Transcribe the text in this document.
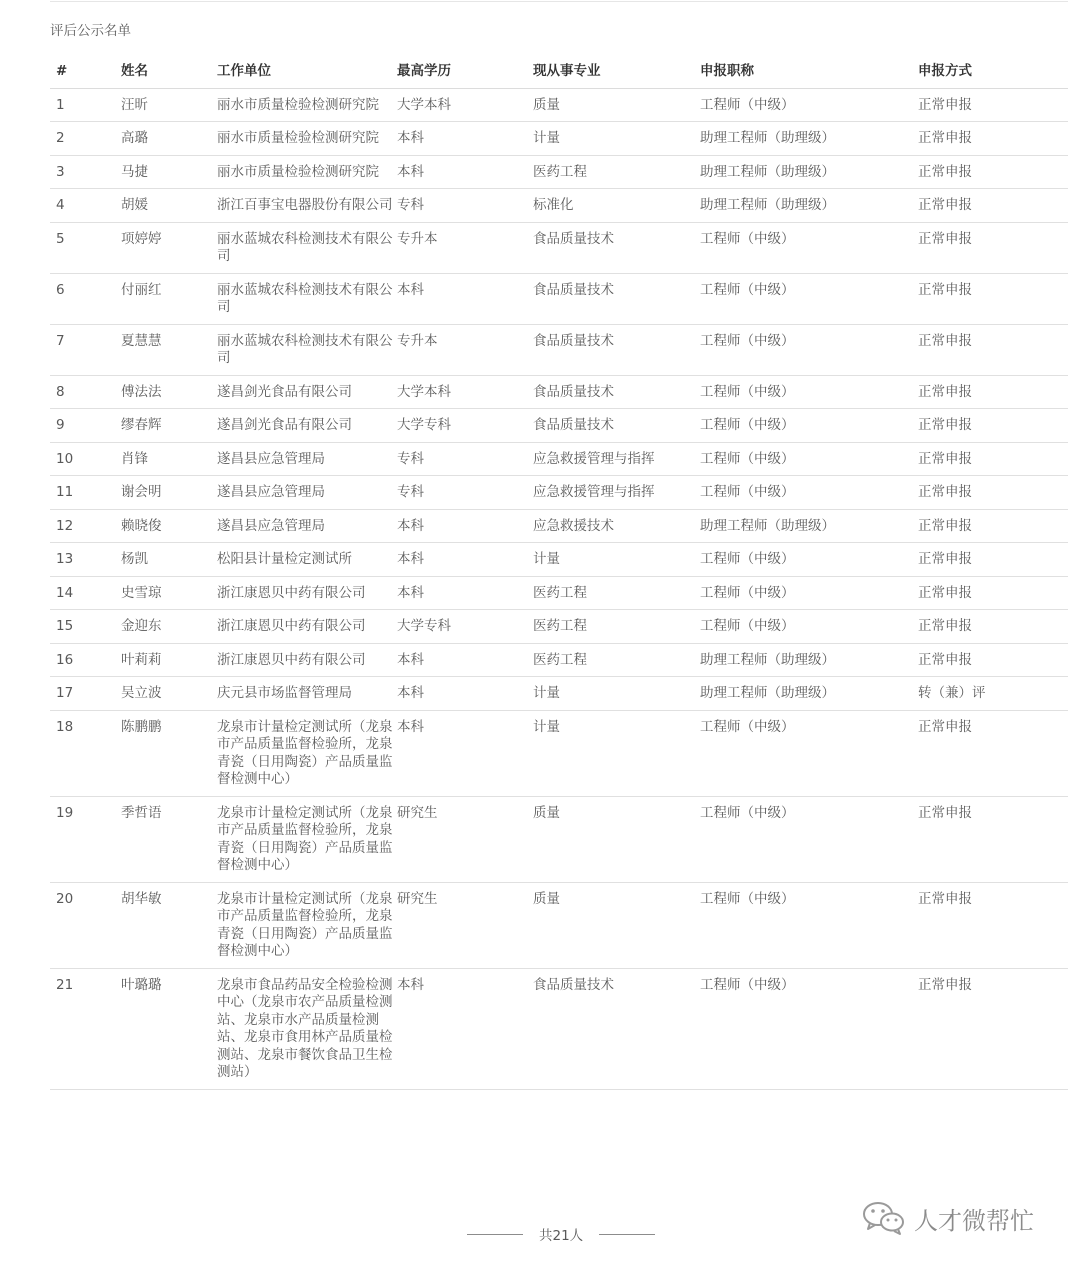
评后公示名单
#	姓名	工作单位	最高学历	现从事专业	申报职称	申报方式
1	汪昕	丽水市质量检验检测研究院	大学本科	质量	工程师（中级）	正常申报
2	高璐	丽水市质量检验检测研究院	本科	计量	助理工程师（助理级）	正常申报
3	马捷	丽水市质量检验检测研究院	本科	医药工程	助理工程师（助理级）	正常申报
4	胡媛	浙江百事宝电器股份有限公司	专科	标准化	助理工程师（助理级）	正常申报
5	项婷婷	丽水蓝城农科检测技术有限公司	专升本	食品质量技术	工程师（中级）	正常申报
6	付丽红	丽水蓝城农科检测技术有限公司	本科	食品质量技术	工程师（中级）	正常申报
7	夏慧慧	丽水蓝城农科检测技术有限公司	专升本	食品质量技术	工程师（中级）	正常申报
8	傅法法	遂昌剑光食品有限公司	大学本科	食品质量技术	工程师（中级）	正常申报
9	缪春辉	遂昌剑光食品有限公司	大学专科	食品质量技术	工程师（中级）	正常申报
10	肖锋	遂昌县应急管理局	专科	应急救援管理与指挥	工程师（中级）	正常申报
11	谢会明	遂昌县应急管理局	专科	应急救援管理与指挥	工程师（中级）	正常申报
12	赖晓俊	遂昌县应急管理局	本科	应急救援技术	助理工程师（助理级）	正常申报
13	杨凯	松阳县计量检定测试所	本科	计量	工程师（中级）	正常申报
14	史雪琼	浙江康恩贝中药有限公司	本科	医药工程	工程师（中级）	正常申报
15	金迎东	浙江康恩贝中药有限公司	大学专科	医药工程	工程师（中级）	正常申报
16	叶莉莉	浙江康恩贝中药有限公司	本科	医药工程	助理工程师（助理级）	正常申报
17	吴立波	庆元县市场监督管理局	本科	计量	助理工程师（助理级）	转（兼）评
18	陈鹏鹏	龙泉市计量检定测试所（龙泉市产品质量监督检验所，龙泉青瓷（日用陶瓷）产品质量监督检测中心）	本科	计量	工程师（中级）	正常申报
19	季哲语	龙泉市计量检定测试所（龙泉市产品质量监督检验所，龙泉青瓷（日用陶瓷）产品质量监督检测中心）	研究生	质量	工程师（中级）	正常申报
20	胡华敏	龙泉市计量检定测试所（龙泉市产品质量监督检验所，龙泉青瓷（日用陶瓷）产品质量监督检测中心）	研究生	质量	工程师（中级）	正常申报
21	叶璐璐	龙泉市食品药品安全检验检测中心（龙泉市农产品质量检测站、龙泉市水产品质量检测站、龙泉市食用林产品质量检测站、龙泉市餐饮食品卫生检测站）	本科	食品质量技术	工程师（中级）	正常申报
共21人
人才微帮忙
